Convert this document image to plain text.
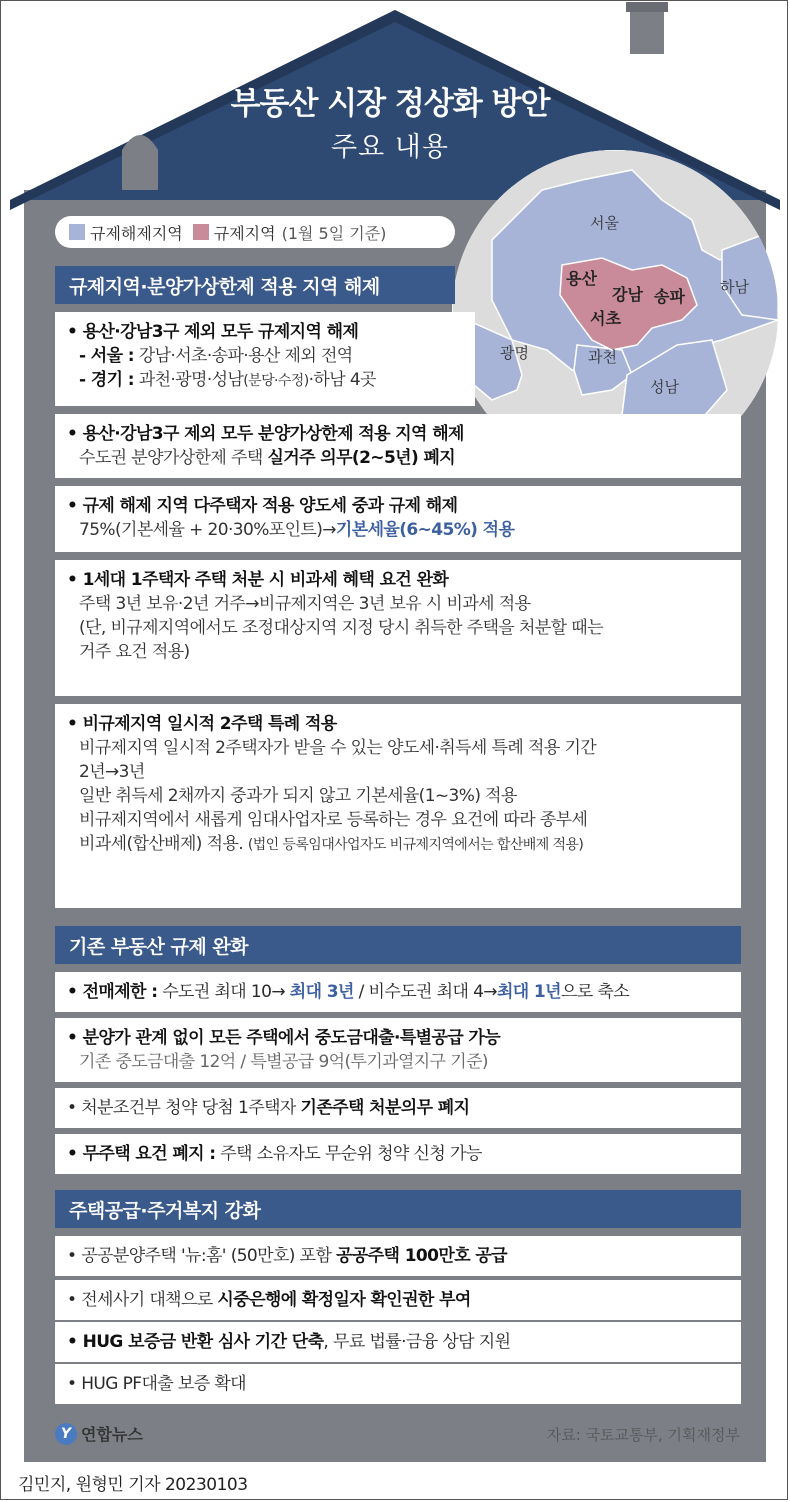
부동산 시장 정상화 방안
주요 내용
서울
용산
강남 송파
서초
하남
광명	과천
성남
규제해제지역 규제지역 (1월 5일 기준)
규제지역·분양가상한제 적용 지역 해제
• 용산·강남3구 제외 모두 규제지역 해제
- 서울 : 강남·서초·송파·용산 제외 전역
- 경기 : 과천·광명·성남(분당·수정)·하남 4곳
• 용산·강남3구 제외 모두 분양가상한제 적용 지역 해제
수도권 분양가상한제 주택 실거주 의무(2~5년) 폐지
• 규제 해제 지역 다주택자 적용 양도세 중과 규제 해제
75%(기본세율 + 20·30%포인트)→기본세율(6~45%) 적용
• 1세대 1주택자 주택 처분 시 비과세 혜택 요건 완화
주택 3년 보유·2년 거주→비규제지역은 3년 보유 시 비과세 적용
(단, 비규제지역에서도 조정대상지역 지정 당시 취득한 주택을 처분할 때는
거주 요건 적용)
• 비규제지역 일시적 2주택 특례 적용
비규제지역 일시적 2주택자가 받을 수 있는 양도세·취득세 특례 적용 기간
2년→3년
일반 취득세 2채까지 중과가 되지 않고 기본세율(1~3%) 적용
비규제지역에서 새롭게 임대사업자로 등록하는 경우 요건에 따라 종부세
비과세(합산배제) 적용. (법인 등록임대사업자도 비규제지역에서는 합산배제 적용)
기존 부동산 규제 완화
• 전매제한 : 수도권 최대 10→ 최대 3년 / 비수도권 최대 4→최대 1년으로 축소
• 분양가 관계 없이 모든 주택에서 중도금대출·특별공급 가능
기존 중도금대출 12억 / 특별공급 9억(투기과열지구 기준)
• 처분조건부 청약 당첨 1주택자 기존주택 처분의무 폐지
• 무주택 요건 폐지 : 주택 소유자도 무순위 청약 신청 가능
주택공급·주거복지 강화
• 공공분양주택 '뉴:홈' (50만호) 포함 공공주택 100만호 공급
• 전세사기 대책으로 시중은행에 확정일자 확인권한 부여
• HUG 보증금 반환 심사 기간 단축, 무료 법률·금융 상담 지원
• HUG PF대출 보증 확대
Y 연합뉴스	자료: 국토교통부, 기획재정부
김민지, 원형민 기자 20230103
